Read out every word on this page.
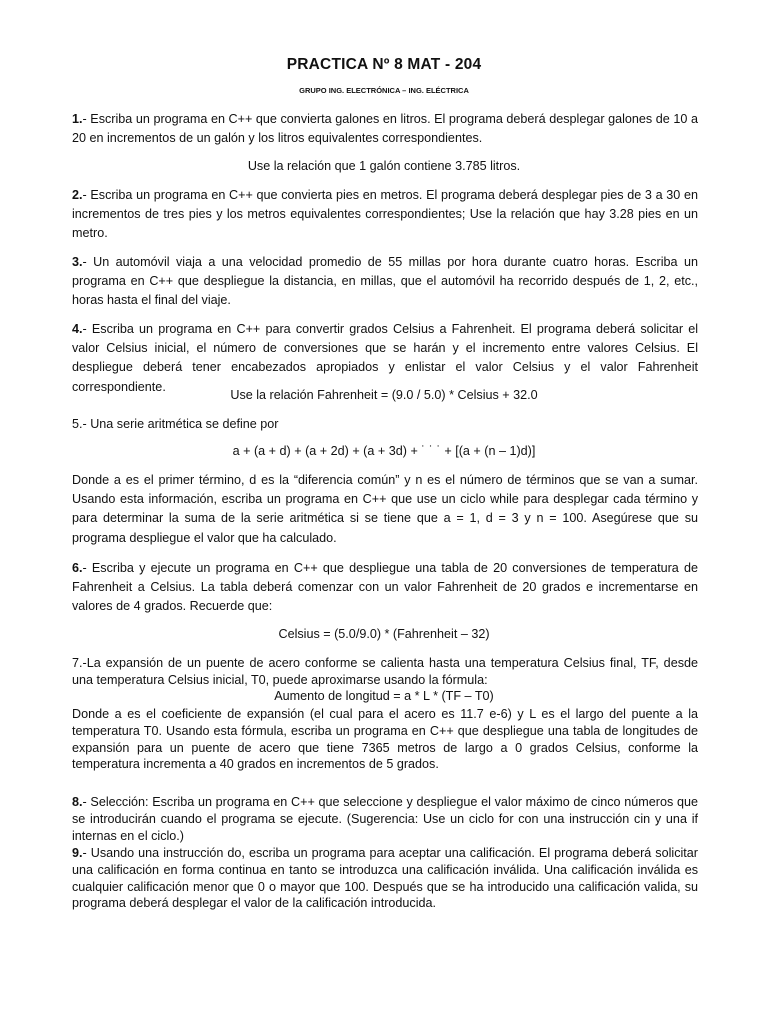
PRACTICA Nº 8 MAT - 204
GRUPO ING. ELECTRÓNICA – ING. ELÉCTRICA

1.- Escriba un programa en C++ que convierta galones en litros. El programa deberá desplegar galones de 10 a 20 en incrementos de un galón y los litros equivalentes correspondientes.

Use la relación que 1 galón contiene 3.785 litros.

2.- Escriba un programa en C++ que convierta pies en metros. El programa deberá desplegar pies de 3 a 30 en incrementos de tres pies y los metros equivalentes correspondientes; Use la relación que hay 3.28 pies en un metro.

3.- Un automóvil viaja a una velocidad promedio de 55 millas por hora durante cuatro horas. Escriba un programa en C++ que despliegue la distancia, en millas, que el automóvil ha recorrido después de 1, 2, etc., horas hasta el final del viaje.

4.- Escriba un programa en C++ para convertir grados Celsius a Fahrenheit. El programa deberá solicitar el valor Celsius inicial, el número de conversiones que se harán y el incremento entre valores Celsius. El despliegue deberá tener encabezados apropiados y enlistar el valor Celsius y el valor Fahrenheit correspondiente.

Use la relación Fahrenheit = (9.0 / 5.0) * Celsius + 32.0

5.- Una serie aritmética se define por

a + (a + d) + (a + 2d) + (a + 3d) + ˙ ˙ ˙ + [(a + (n – 1)d)]

Donde a es el primer término, d es la “diferencia común” y n es el número de términos que se van a sumar. Usando esta información, escriba un programa en C++ que use un ciclo while para desplegar cada término y para determinar la suma de la serie aritmética si se tiene que a = 1, d = 3 y n = 100. Asegúrese que su programa despliegue el valor que ha calculado.

6.- Escriba y ejecute un programa en C++ que despliegue una tabla de 20 conversiones de temperatura de Fahrenheit a Celsius. La tabla deberá comenzar con un valor Fahrenheit de 20 grados e incrementarse en valores de 4 grados. Recuerde que:

Celsius = (5.0/9.0) * (Fahrenheit – 32)

7.-La expansión de un puente de acero conforme se calienta hasta una temperatura Celsius final, TF, desde una temperatura Celsius inicial, T0, puede aproximarse usando la fórmula:

Aumento de longitud = a * L * (TF – T0)

Donde a es el coeficiente de expansión (el cual para el acero es 11.7 e-6) y L es el largo del puente a la temperatura T0. Usando esta fórmula, escriba un programa en C++ que despliegue una tabla de longitudes de expansión para un puente de acero que tiene 7365 metros de largo a 0 grados Celsius, conforme la temperatura incrementa a 40 grados en incrementos de 5 grados.

8.- Selección: Escriba un programa en C++ que seleccione y despliegue el valor máximo de cinco números que se introducirán cuando el programa se ejecute. (Sugerencia: Use un ciclo for con una instrucción cin y una if internas en el ciclo.)

9.- Usando una instrucción do, escriba un programa para aceptar una calificación. El programa deberá solicitar una calificación en forma continua en tanto se introduzca una calificación inválida. Una calificación inválida es cualquier calificación menor que 0 o mayor que 100. Después que se ha introducido una calificación valida, su programa deberá desplegar el valor de la calificación introducida.
